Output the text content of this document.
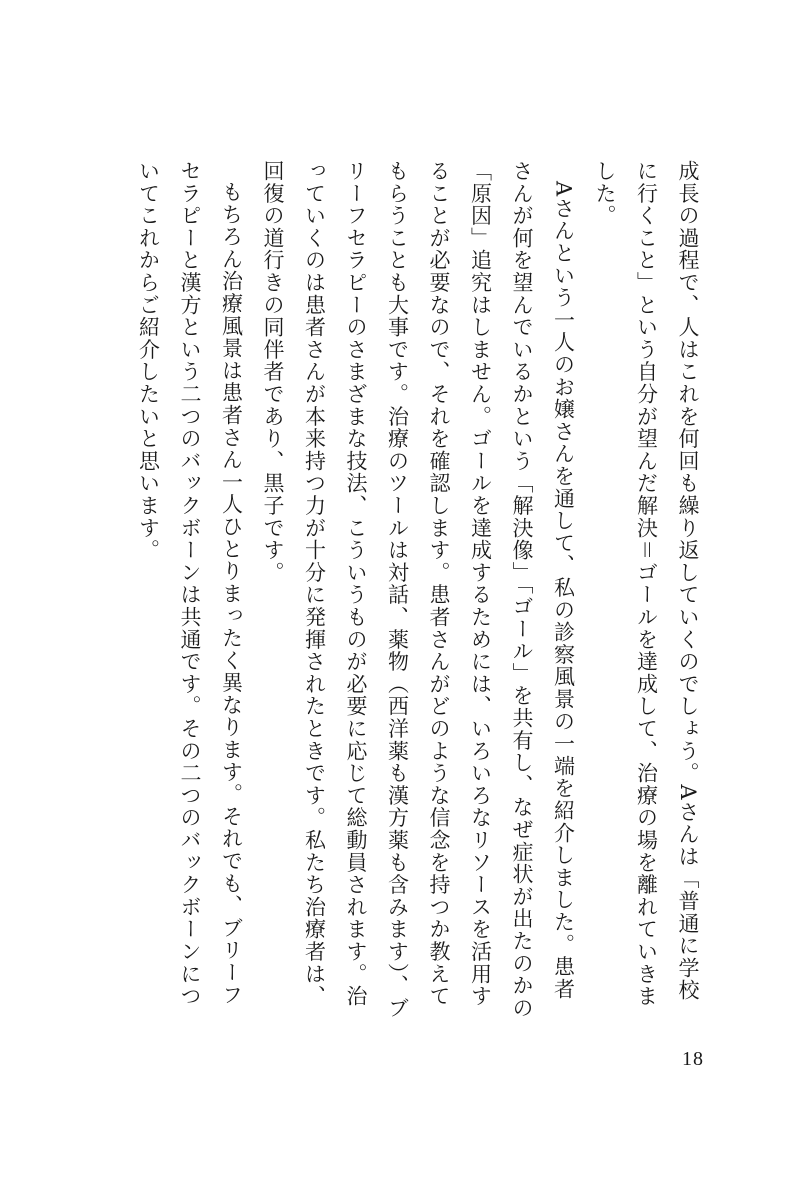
成長の過程で、人はこれを何回も繰り返していくのでしょう。Aさんは「普通に学校に行くこと」という自分が望んだ解決＝ゴールを達成して、治療の場を離れていきました。

Aさんという一人のお嬢さんを通して、私の診察風景の一端を紹介しました。患者さんが何を望んでいるかという「解決像」「ゴール」を共有し、なぜ症状が出たのかの「原因」追究はしません。ゴールを達成するためには、いろいろなリソースを活用することが必要なので、それを確認します。患者さんがどのような信念を持つか教えてもらうことも大事です。治療のツールは対話、薬物（西洋薬も漢方薬も含みます）、ブリーフセラピーのさまざまな技法、こういうものが必要に応じて総動員されます。治っていくのは患者さんが本来持つ力が十分に発揮されたときです。私たち治療者は、回復の道行きの同伴者であり、黒子です。

もちろん治療風景は患者さん一人ひとりまったく異なります。それでも、ブリーフセラピーと漢方という二つのバックボーンは共通です。その二つのバックボーンについてこれからご紹介したいと思います。

18
